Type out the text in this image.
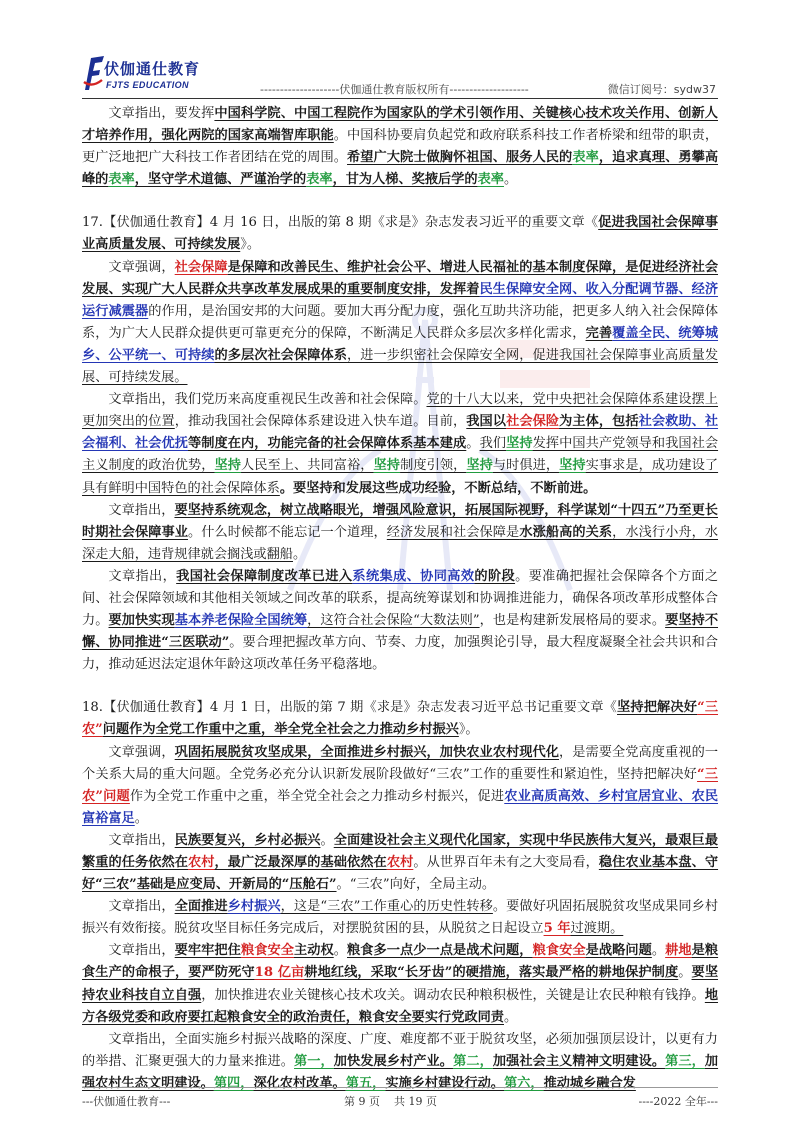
伏伽通仕教育
FJTS EDUCATION	--------------------伏伽通仕教育版权所有--------------------	微信订阅号：sydw37

文章指出，要发挥中国科学院、中国工程院作为国家队的学术引领作用、关键核心技术攻关作用、创新人才培养作用，强化两院的国家高端智库职能。中国科协要肩负起党和政府联系科技工作者桥梁和纽带的职责，更广泛地把广大科技工作者团结在党的周围。希望广大院士做胸怀祖国、服务人民的表率，追求真理、勇攀高峰的表率，坚守学术道德、严谨治学的表率，甘为人梯、奖掖后学的表率。

17.【伏伽通仕教育】4 月 16 日，出版的第 8 期《求是》杂志发表习近平的重要文章《促进我国社会保障事业高质量发展、可持续发展》。

文章强调，社会保障是保障和改善民生、维护社会公平、增进人民福祉的基本制度保障，是促进经济社会发展、实现广大人民群众共享改革发展成果的重要制度安排，发挥着民生保障安全网、收入分配调节器、经济运行减震器的作用，是治国安邦的大问题。要加大再分配力度，强化互助共济功能，把更多人纳入社会保障体系，为广大人民群众提供更可靠更充分的保障，不断满足人民群众多层次多样化需求，完善覆盖全民、统筹城乡、公平统一、可持续的多层次社会保障体系，进一步织密社会保障安全网，促进我国社会保障事业高质量发展、可持续发展。

文章指出，我们党历来高度重视民生改善和社会保障。党的十八大以来，党中央把社会保障体系建设摆上更加突出的位置，推动我国社会保障体系建设进入快车道。目前，我国以社会保险为主体，包括社会救助、社会福利、社会优抚等制度在内，功能完备的社会保障体系基本建成。我们坚持发挥中国共产党领导和我国社会主义制度的政治优势，坚持人民至上、共同富裕，坚持制度引领，坚持与时俱进，坚持实事求是，成功建设了具有鲜明中国特色的社会保障体系。要坚持和发展这些成功经验，不断总结，不断前进。

文章指出，要坚持系统观念，树立战略眼光，增强风险意识，拓展国际视野，科学谋划“十四五”乃至更长时期社会保障事业。什么时候都不能忘记一个道理，经济发展和社会保障是水涨船高的关系，水浅行小舟，水深走大船，违背规律就会搁浅或翻船。

文章指出，我国社会保障制度改革已进入系统集成、协同高效的阶段。要准确把握社会保障各个方面之间、社会保障领域和其他相关领域之间改革的联系，提高统筹谋划和协调推进能力，确保各项改革形成整体合力。要加快实现基本养老保险全国统筹，这符合社会保险“大数法则”，也是构建新发展格局的要求。要坚持不懈、协同推进“三医联动”。要合理把握改革方向、节奏、力度，加强舆论引导，最大程度凝聚全社会共识和合力，推动延迟法定退休年龄这项改革任务平稳落地。

18.【伏伽通仕教育】4 月 1 日，出版的第 7 期《求是》杂志发表习近平总书记重要文章《坚持把解决好“三农”问题作为全党工作重中之重，举全党全社会之力推动乡村振兴》。

文章强调，巩固拓展脱贫攻坚成果，全面推进乡村振兴，加快农业农村现代化，是需要全党高度重视的一个关系大局的重大问题。全党务必充分认识新发展阶段做好“三农”工作的重要性和紧迫性，坚持把解决好“三农”问题作为全党工作重中之重，举全党全社会之力推动乡村振兴，促进农业高质高效、乡村宜居宜业、农民富裕富足。

文章指出，民族要复兴，乡村必振兴。全面建设社会主义现代化国家，实现中华民族伟大复兴，最艰巨最繁重的任务依然在农村，最广泛最深厚的基础依然在农村。从世界百年未有之大变局看，稳住农业基本盘、守好“三农”基础是应变局、开新局的“压舱石”。“三农”向好，全局主动。

文章指出，全面推进乡村振兴，这是“三农”工作重心的历史性转移。要做好巩固拓展脱贫攻坚成果同乡村振兴有效衔接。脱贫攻坚目标任务完成后，对摆脱贫困的县，从脱贫之日起设立5 年过渡期。

文章指出，要牢牢把住粮食安全主动权。粮食多一点少一点是战术问题，粮食安全是战略问题。耕地是粮食生产的命根子，要严防死守18 亿亩耕地红线，采取“长牙齿”的硬措施，落实最严格的耕地保护制度。要坚持农业科技自立自强，加快推进农业关键核心技术攻关。调动农民种粮积极性，关键是让农民种粮有钱挣。地方各级党委和政府要扛起粮食安全的政治责任，粮食安全要实行党政同责。

文章指出，全面实施乡村振兴战略的深度、广度、难度都不亚于脱贫攻坚，必须加强顶层设计，以更有力的举措、汇聚更强大的力量来推进。第一，加快发展乡村产业。第二，加强社会主义精神文明建设。第三，加强农村生态文明建设。第四，深化农村改革。第五，实施乡村建设行动。第六，推动城乡融合发

---伏伽通仕教育---	第 9 页 共 19 页	----2022 全年---
